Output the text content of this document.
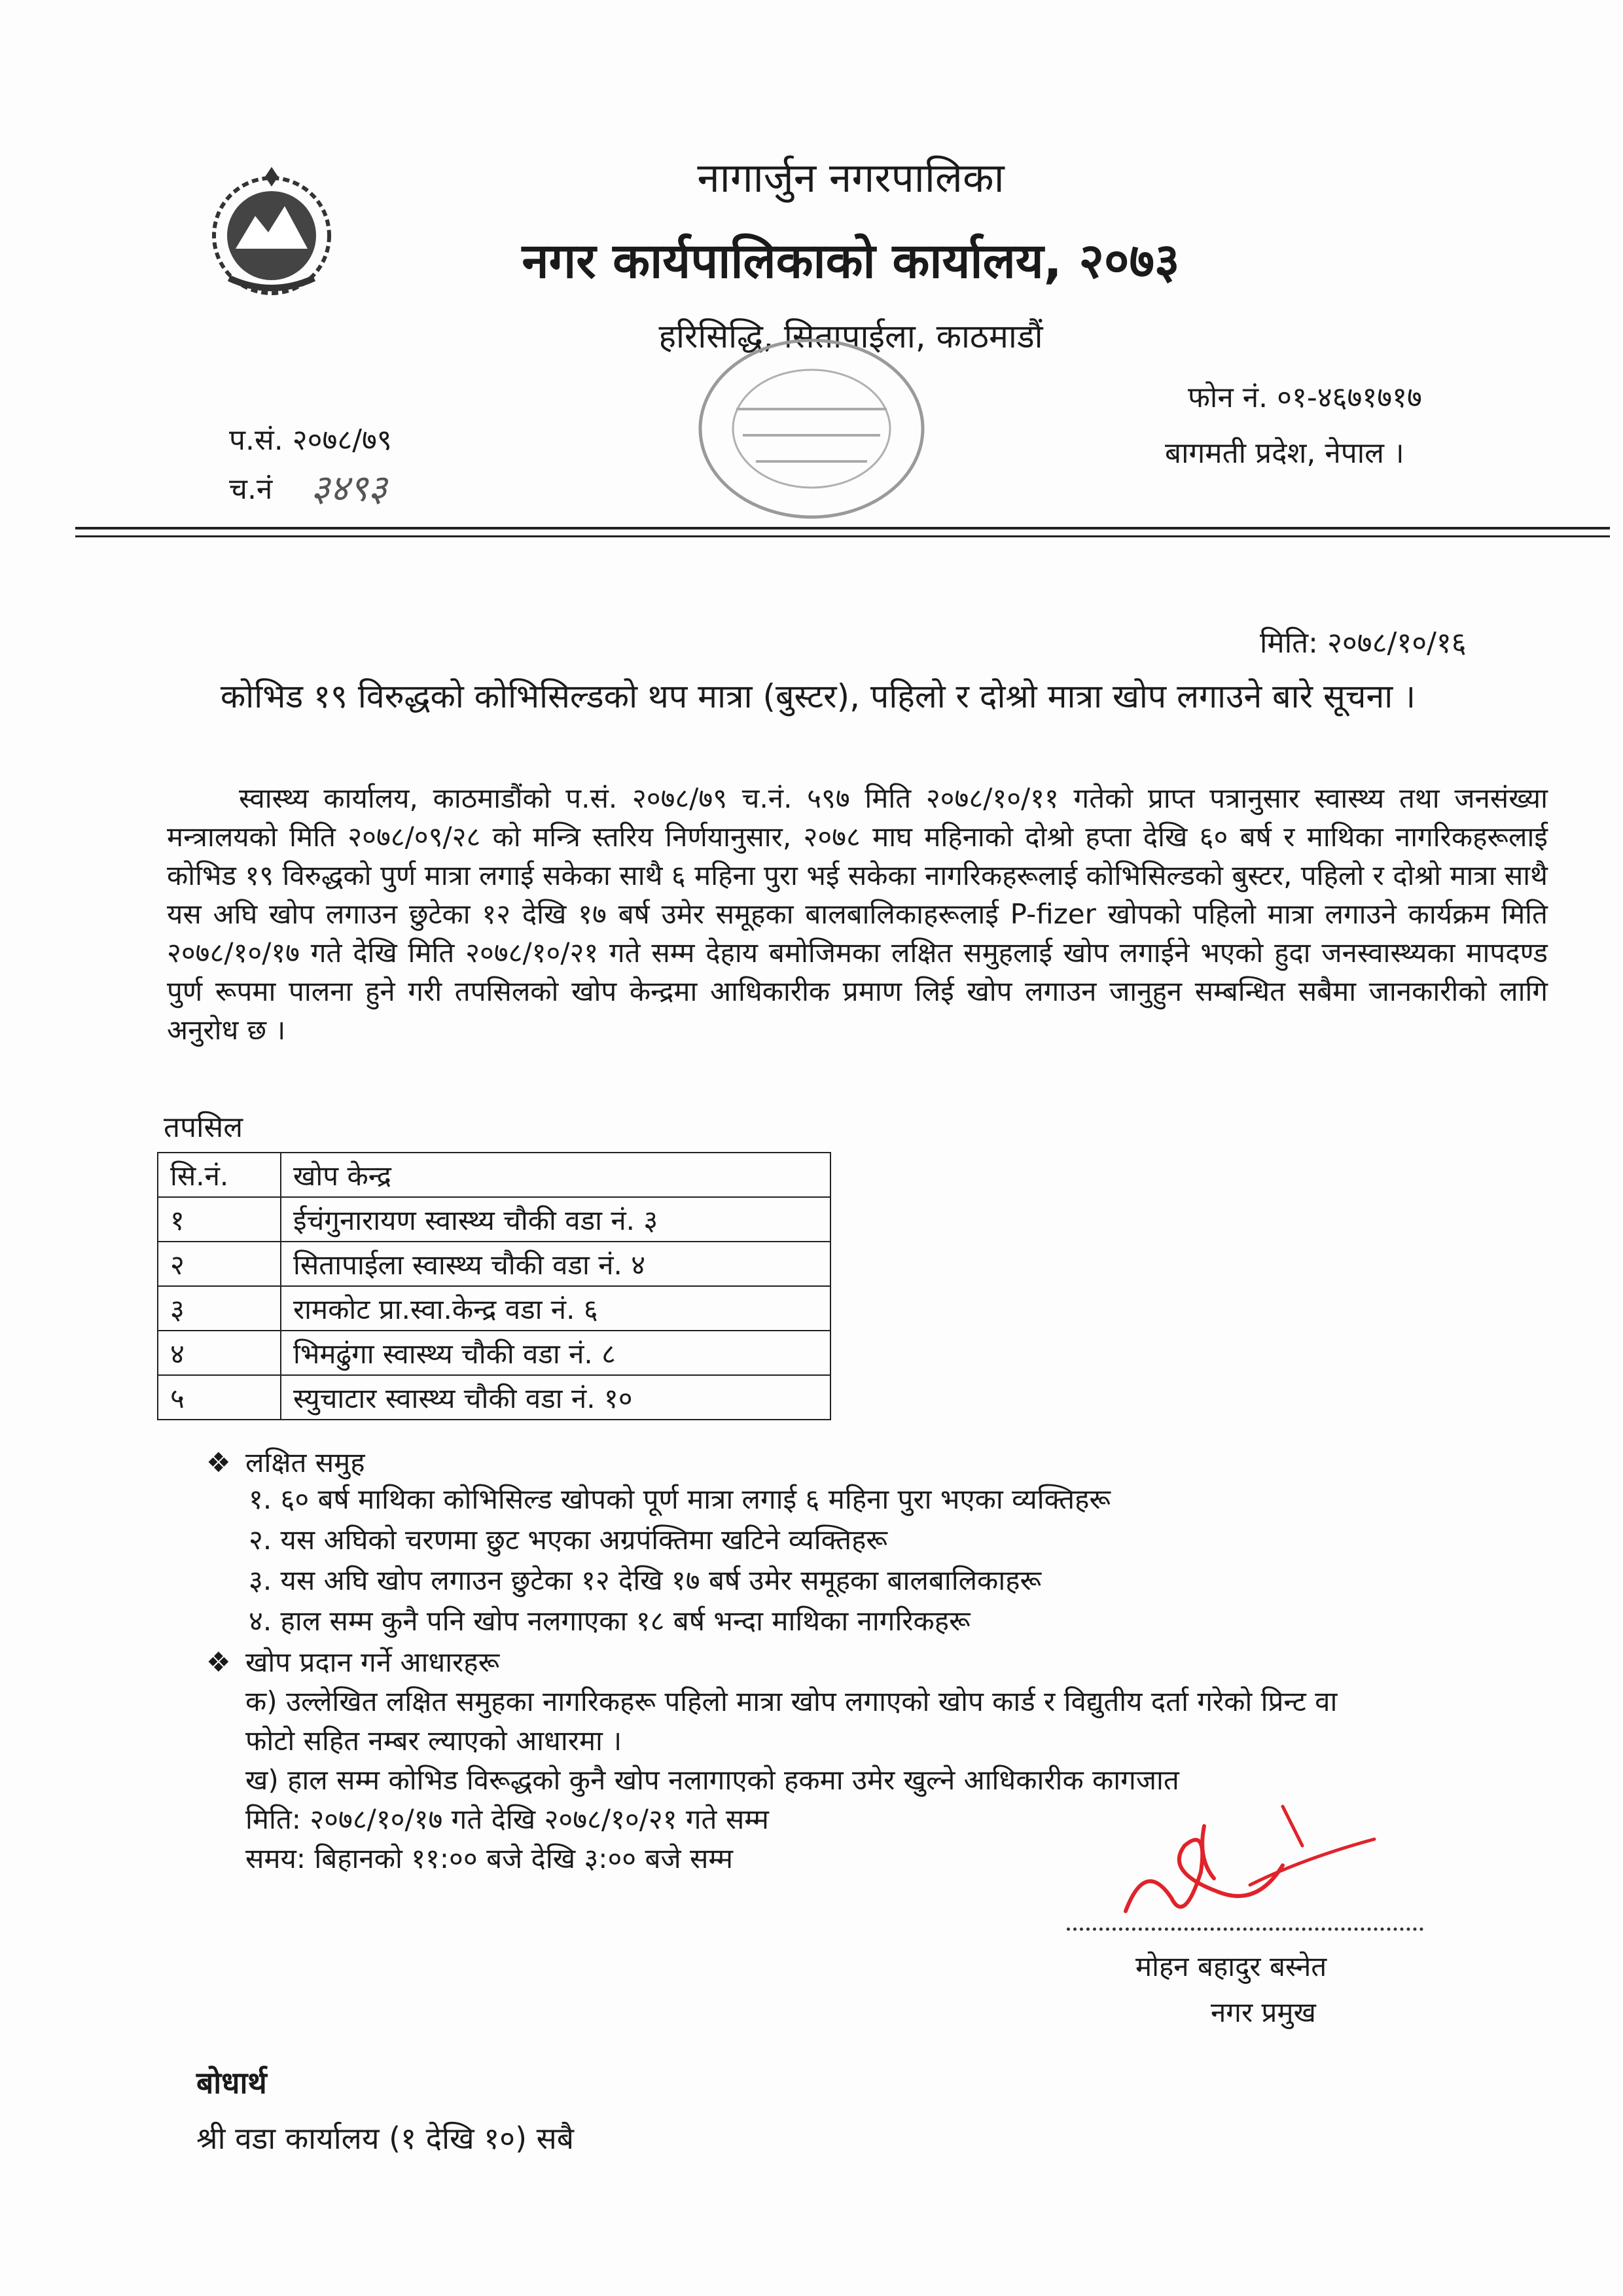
नागार्जुन नगरपालिका
नगर कार्यपालिकाको कार्यालय, २०७३
हरिसिद्धि, सितापाईला, काठमाडौं
फोन नं. ०१-४६७१७१७
बागमती प्रदेश, नेपाल ।
प.सं. २०७८/७९
च.नं ३४९३
मिति: २०७८/१०/१६
कोभिड १९ विरुद्धको कोभिसिल्डको थप मात्रा (बुस्टर), पहिलो र दोश्रो मात्रा खोप लगाउने बारे सूचना ।
स्वास्थ्य कार्यालय, काठमाडौंको प.सं. २०७८/७९ च.नं. ५९७ मिति २०७८/१०/११ गतेको प्राप्त पत्रानुसार स्वास्थ्य तथा जनसंख्या मन्त्रालयको मिति २०७८/०९/२८ को मन्त्रि स्तरिय निर्णयानुसार, २०७८ माघ महिनाको दोश्रो हप्ता देखि ६० बर्ष र माथिका नागरिकहरूलाई कोभिड १९ विरुद्धको पुर्ण मात्रा लगाई सकेका साथै ६ महिना पुरा भई सकेका नागरिकहरूलाई कोभिसिल्डको बुस्टर, पहिलो र दोश्रो मात्रा साथै यस अघि खोप लगाउन छुटेका १२ देखि १७ बर्ष उमेर समूहका बालबालिकाहरूलाई P-fizer खोपको पहिलो मात्रा लगाउने कार्यक्रम मिति २०७८/१०/१७ गते देखि मिति २०७८/१०/२१ गते सम्म देहाय बमोजिमका लक्षित समुहलाई खोप लगाईने भएको हुदा जनस्वास्थ्यका मापदण्ड पुर्ण रूपमा पालना हुने गरी तपसिलको खोप केन्द्रमा आधिकारीक प्रमाण लिई खोप लगाउन जानुहुन सम्बन्धित सबैमा जानकारीको लागि अनुरोध छ ।
तपसिल
सि.नं.	खोप केन्द्र
१	ईचंगुनारायण स्वास्थ्य चौकी वडा नं. ३
२	सितापाईला स्वास्थ्य चौकी वडा नं. ४
३	रामकोट प्रा.स्वा.केन्द्र वडा नं. ६
४	भिमढुंगा स्वास्थ्य चौकी वडा नं. ८
५	स्युचाटार स्वास्थ्य चौकी वडा नं. १०
❖ लक्षित समुह
१. ६० बर्ष माथिका कोभिसिल्ड खोपको पूर्ण मात्रा लगाई ६ महिना पुरा भएका व्यक्तिहरू
२. यस अघिको चरणमा छुट भएका अग्रपंक्तिमा खटिने व्यक्तिहरू
३. यस अघि खोप लगाउन छुटेका १२ देखि १७ बर्ष उमेर समूहका बालबालिकाहरू
४. हाल सम्म कुनै पनि खोप नलगाएका १८ बर्ष भन्दा माथिका नागरिकहरू
❖ खोप प्रदान गर्ने आधारहरू
क) उल्लेखित लक्षित समुहका नागरिकहरू पहिलो मात्रा खोप लगाएको खोप कार्ड र विद्युतीय दर्ता गरेको प्रिन्ट वा फोटो सहित नम्बर ल्याएको आधारमा ।
ख) हाल सम्म कोभिड विरूद्धको कुनै खोप नलागाएको हकमा उमेर खुल्ने आधिकारीक कागजात
मिति: २०७८/१०/१७ गते देखि २०७८/१०/२१ गते सम्म
समय: बिहानको ११:०० बजे देखि ३:०० बजे सम्म
मोहन बहादुर बस्नेत
नगर प्रमुख
बोधार्थ
श्री वडा कार्यालय (१ देखि १०) सबै
